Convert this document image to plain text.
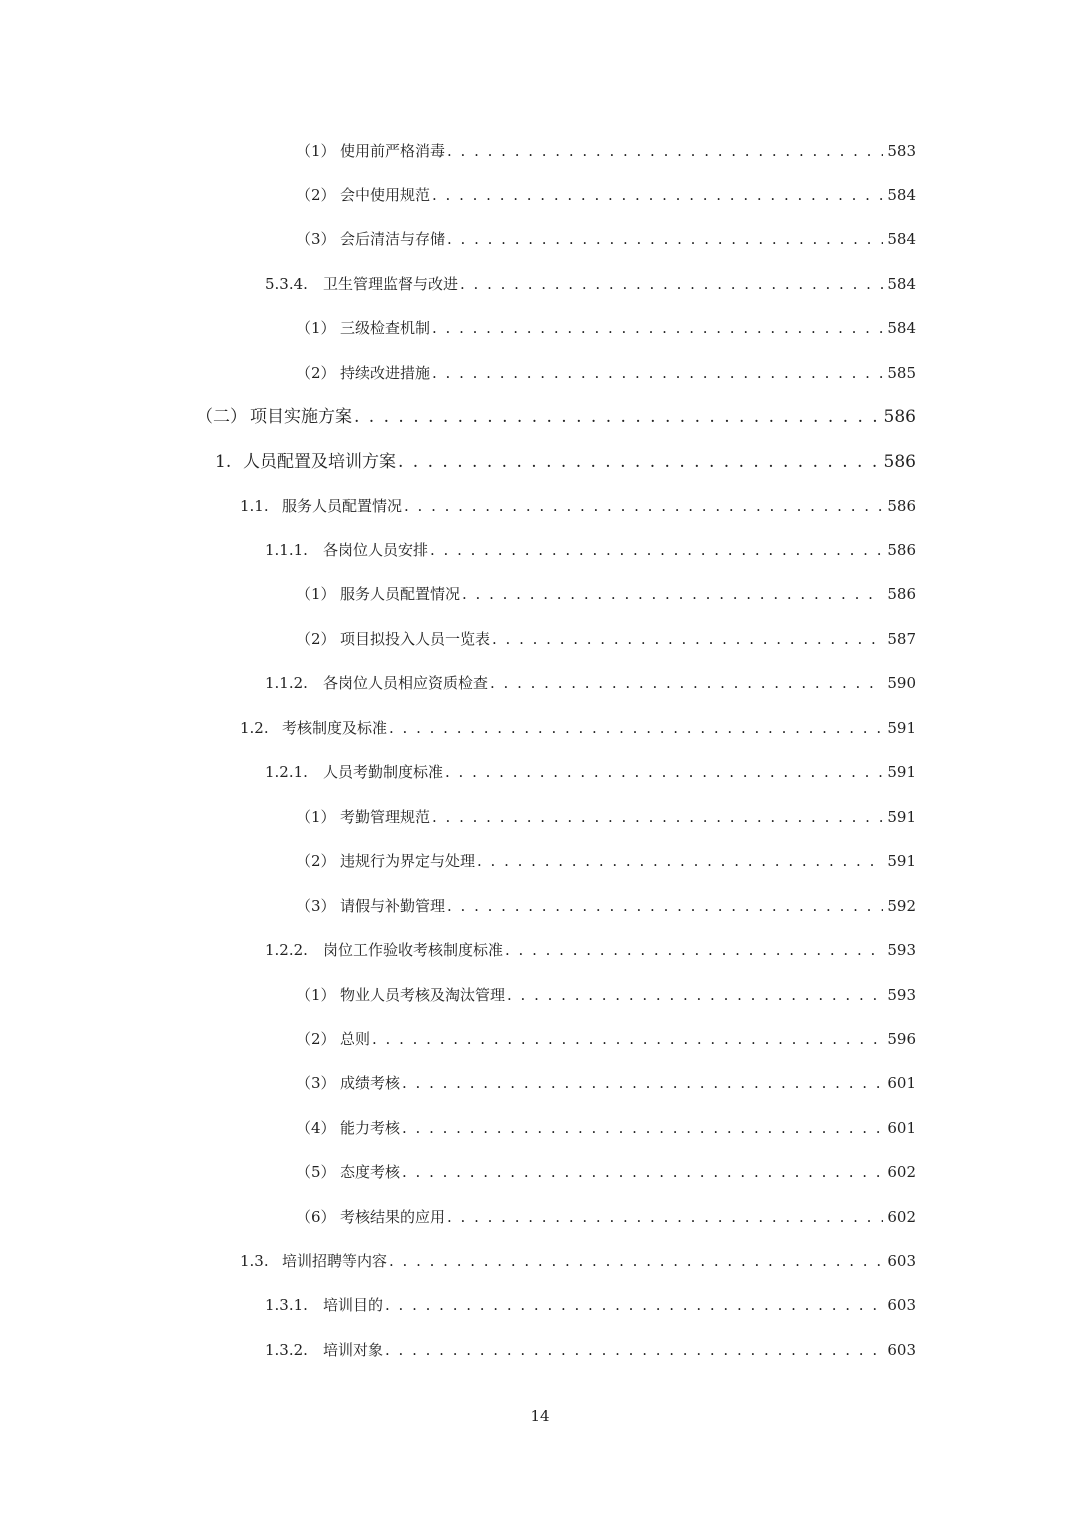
（1） 使用前严格消毒 . . .	583
（2） 会中使用规范 . . .	584
（3） 会后清洁与存储 . . .	584
5.3.4.	卫生管理监督与改进 . . .	584
（1） 三级检查机制 . . .	584
（2） 持续改进措施 . . .	585
（二） 项目实施方案 . . .	586
1. 人员配置及培训方案 . . .	586
1.1. 服务人员配置情况 . . .	586
1.1.1.	各岗位人员安排 . . .	586
（1） 服务人员配置情况 . . .	586
（2） 项目拟投入人员一览表 . . .	587
1.1.2.	各岗位人员相应资质检查 . . .	590
1.2. 考核制度及标准 . . .	591
1.2.1.	人员考勤制度标准 . . .	591
（1） 考勤管理规范 . . .	591
（2） 违规行为界定与处理 . . .	591
（3） 请假与补勤管理 . . .	592
1.2.2.	岗位工作验收考核制度标准 . . .	593
（1） 物业人员考核及淘汰管理 . . .	593
（2） 总则 . . .	596
（3） 成绩考核 . . .	601
（4） 能力考核 . . .	601
（5） 态度考核 . . .	602
（6） 考核结果的应用 . . .	602
1.3. 培训招聘等内容 . . .	603
1.3.1.	培训目的 . . .	603
1.3.2.	培训对象 . . .	603
14
